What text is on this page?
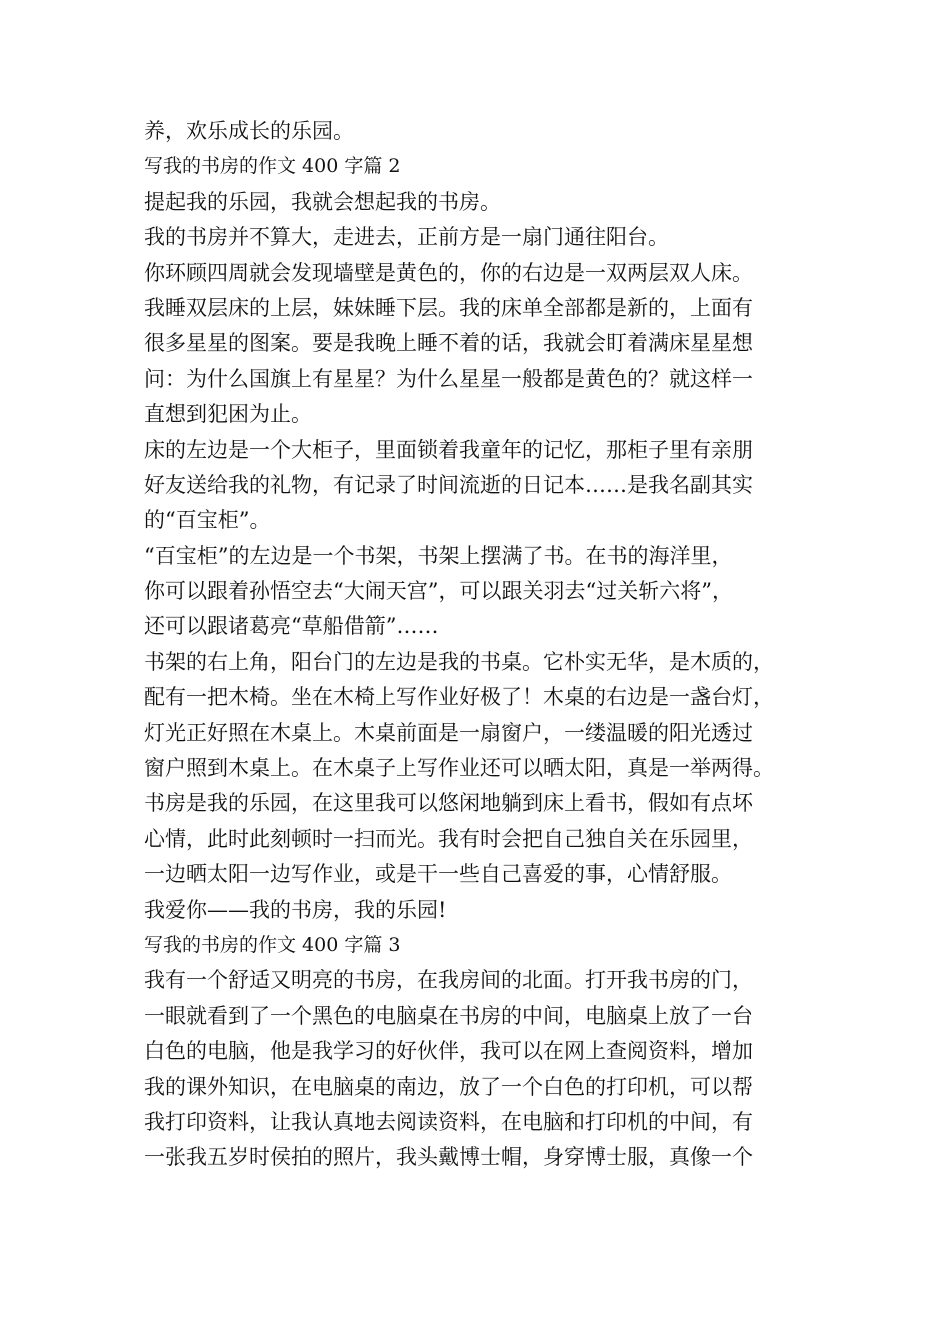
养，欢乐成长的乐园。
写我的书房的作文 400 字篇 2
提起我的乐园，我就会想起我的书房。
我的书房并不算大，走进去，正前方是一扇门通往阳台。
你环顾四周就会发现墙壁是黄色的，你的右边是一双两层双人床。
我睡双层床的上层，妹妹睡下层。我的床单全部都是新的，上面有
很多星星的图案。要是我晚上睡不着的话，我就会盯着满床星星想
问：为什么国旗上有星星？为什么星星一般都是黄色的？就这样一
直想到犯困为止。
床的左边是一个大柜子，里面锁着我童年的记忆，那柜子里有亲朋
好友送给我的礼物，有记录了时间流逝的日记本……是我名副其实
的“百宝柜”。
“百宝柜”的左边是一个书架，书架上摆满了书。在书的海洋里，
你可以跟着孙悟空去“大闹天宫”，可以跟关羽去“过关斩六将”，
还可以跟诸葛亮“草船借箭”……
书架的右上角，阳台门的左边是我的书桌。它朴实无华，是木质的，
配有一把木椅。坐在木椅上写作业好极了！木桌的右边是一盏台灯，
灯光正好照在木桌上。木桌前面是一扇窗户，一缕温暖的阳光透过
窗户照到木桌上。在木桌子上写作业还可以晒太阳，真是一举两得。
书房是我的乐园，在这里我可以悠闲地躺到床上看书，假如有点坏
心情，此时此刻顿时一扫而光。我有时会把自己独自关在乐园里，
一边晒太阳一边写作业，或是干一些自己喜爱的事，心情舒服。
我爱你——我的书房，我的乐园!
写我的书房的作文 400 字篇 3
我有一个舒适又明亮的书房，在我房间的北面。打开我书房的门，
一眼就看到了一个黑色的电脑桌在书房的中间，电脑桌上放了一台
白色的电脑，他是我学习的好伙伴，我可以在网上查阅资料，增加
我的课外知识，在电脑桌的南边，放了一个白色的打印机，可以帮
我打印资料，让我认真地去阅读资料，在电脑和打印机的中间，有
一张我五岁时侯拍的照片，我头戴博士帽，身穿博士服，真像一个
